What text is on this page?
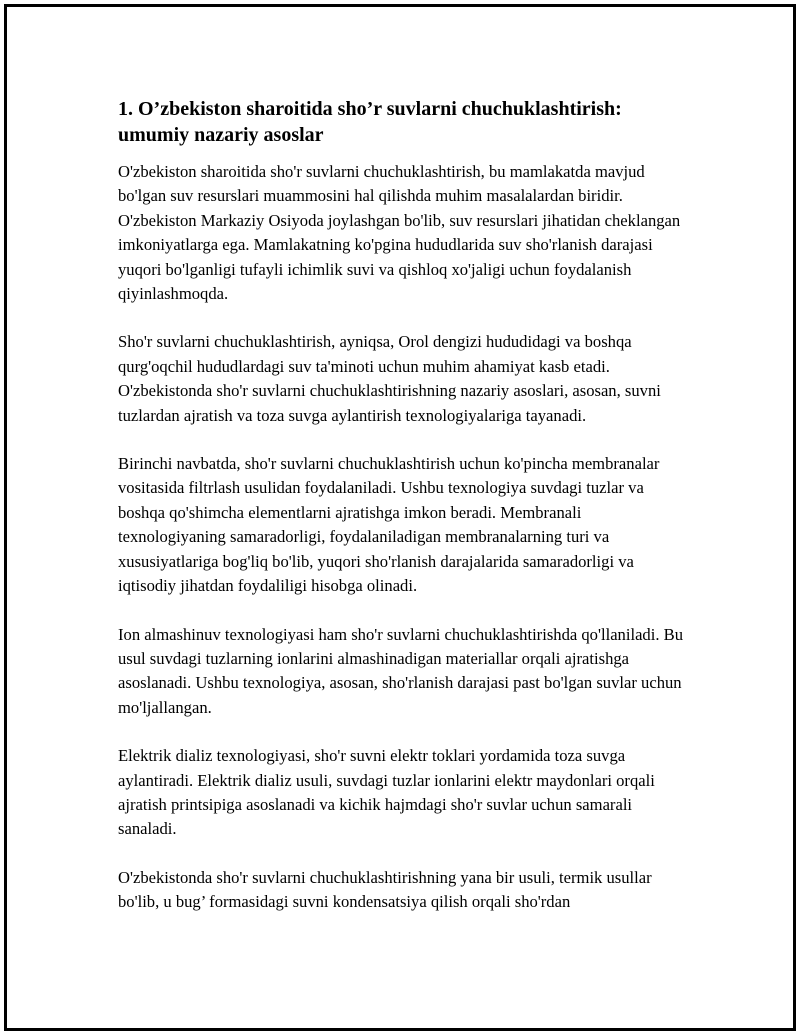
1. O’zbekiston sharoitida sho’r suvlarni chuchuklashtirish: umumiy nazariy asoslar

O'zbekiston sharoitida sho'r suvlarni chuchuklashtirish, bu mamlakatda mavjud bo'lgan suv resurslari muammosini hal qilishda muhim masalalardan biridir. O'zbekiston Markaziy Osiyoda joylashgan bo'lib, suv resurslari jihatidan cheklangan imkoniyatlarga ega. Mamlakatning ko'pgina hududlarida suv sho'rlanish darajasi yuqori bo'lganligi tufayli ichimlik suvi va qishloq xo'jaligi uchun foydalanish qiyinlashmoqda.

Sho'r suvlarni chuchuklashtirish, ayniqsa, Orol dengizi hududidagi va boshqa qurg'oqchil hududlardagi suv ta'minoti uchun muhim ahamiyat kasb etadi. O'zbekistonda sho'r suvlarni chuchuklashtirishning nazariy asoslari, asosan, suvni tuzlardan ajratish va toza suvga aylantirish texnologiyalariga tayanadi.

Birinchi navbatda, sho'r suvlarni chuchuklashtirish uchun ko'pincha membranalar vositasida filtrlash usulidan foydalaniladi. Ushbu texnologiya suvdagi tuzlar va boshqa qo'shimcha elementlarni ajratishga imkon beradi. Membranali texnologiyaning samaradorligi, foydalaniladigan membranalarning turi va xususiyatlariga bog'liq bo'lib, yuqori sho'rlanish darajalarida samaradorligi va iqtisodiy jihatdan foydaliligi hisobga olinadi.

Ion almashinuv texnologiyasi ham sho'r suvlarni chuchuklashtirishda qo'llaniladi. Bu usul suvdagi tuzlarning ionlarini almashinadigan materiallar orqali ajratishga asoslanadi. Ushbu texnologiya, asosan, sho'rlanish darajasi past bo'lgan suvlar uchun mo'ljallangan.

Elektrik dializ texnologiyasi, sho'r suvni elektr toklari yordamida toza suvga aylantiradi. Elektrik dializ usuli, suvdagi tuzlar ionlarini elektr maydonlari orqali ajratish printsipiga asoslanadi va kichik hajmdagi sho'r suvlar uchun samarali sanaladi.

O'zbekistonda sho'r suvlarni chuchuklashtirishning yana bir usuli, termik usullar bo'lib, u bug’ formasidagi suvni kondensatsiya qilish orqali sho'rdan
